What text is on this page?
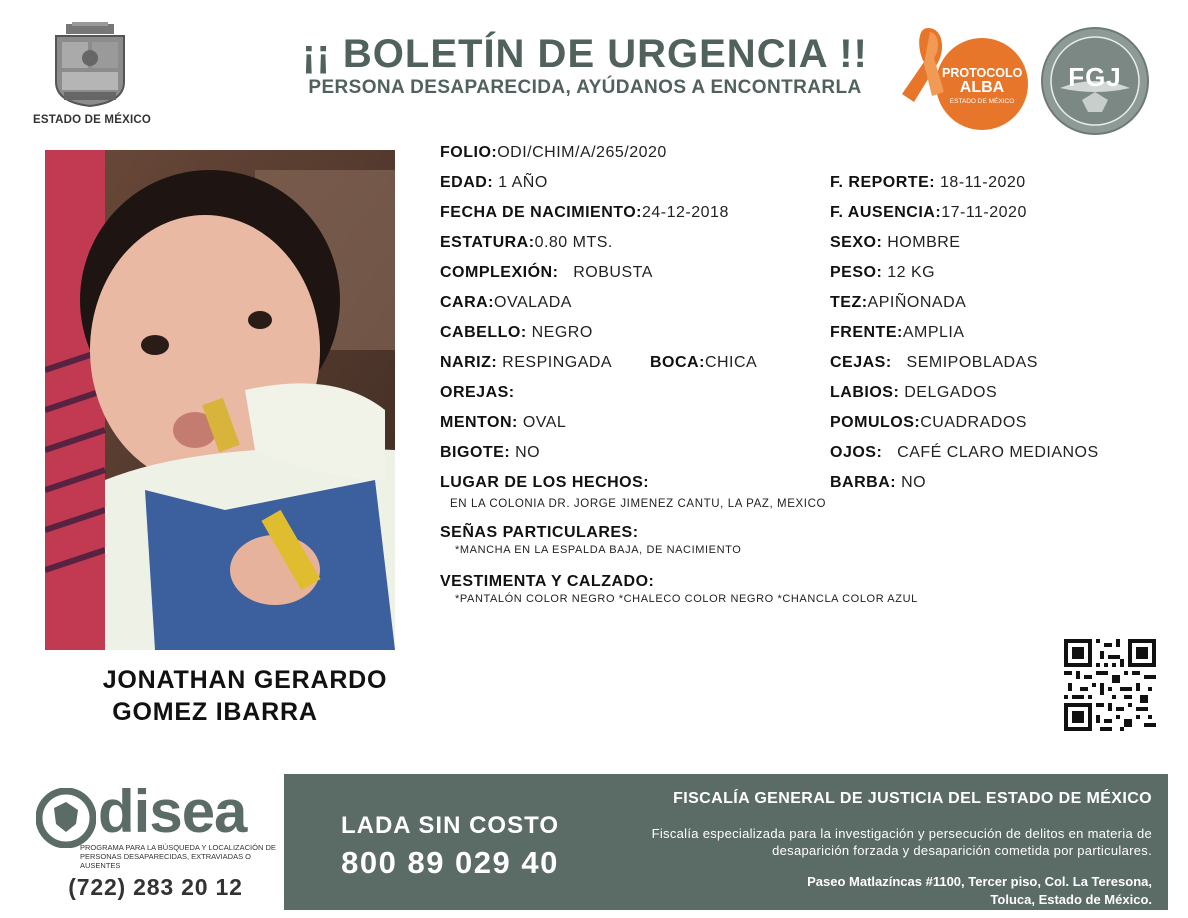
ESTADO DE MÉXICO
¡¡ BOLETÍN DE URGENCIA !!
PERSONA DESAPARECIDA, AYÚDANOS A ENCONTRARLA
PROTOCOLO
ALBA
ESTADO DE MÉXICO
FGJ
JONATHAN GERARDO
GOMEZ IBARRA
FOLIO:ODI/CHIM/A/265/2020
EDAD: 1 AÑO
FECHA DE NACIMIENTO:24-12-2018
ESTATURA:0.80 MTS.
COMPLEXIÓN: ROBUSTA
CARA:OVALADA
CABELLO: NEGRO
NARIZ: RESPINGADA BOCA:CHICA
OREJAS:
MENTON: OVAL
BIGOTE: NO
LUGAR DE LOS HECHOS:
EN LA COLONIA DR. JORGE JIMENEZ CANTU, LA PAZ, MEXICO
SEÑAS PARTICULARES:
*MANCHA EN LA ESPALDA BAJA, DE NACIMIENTO
VESTIMENTA Y CALZADO:
*PANTALÓN COLOR NEGRO *CHALECO COLOR NEGRO *CHANCLA COLOR AZUL
F. REPORTE: 18-11-2020
F. AUSENCIA:17-11-2020
SEXO: HOMBRE
PESO: 12 KG
TEZ:APIÑONADA
FRENTE:AMPLIA
CEJAS: SEMIPOBLADAS
LABIOS: DELGADOS
POMULOS:CUADRADOS
OJOS: CAFÉ CLARO MEDIANOS
BARBA: NO
disea
PROGRAMA PARA LA BÚSQUEDA Y LOCALIZACIÓN DE PERSONAS DESAPARECIDAS, EXTRAVIADAS O AUSENTES
(722) 283 20 12
LADA SIN COSTO
800 89 029 40
FISCALÍA GENERAL DE JUSTICIA DEL ESTADO DE MÉXICO
Fiscalía especializada para la investigación y persecución de delitos en materia de desaparición forzada y desaparición cometida por particulares.
Paseo Matlazíncas #1100, Tercer piso, Col. La Teresona,
Toluca, Estado de México.
